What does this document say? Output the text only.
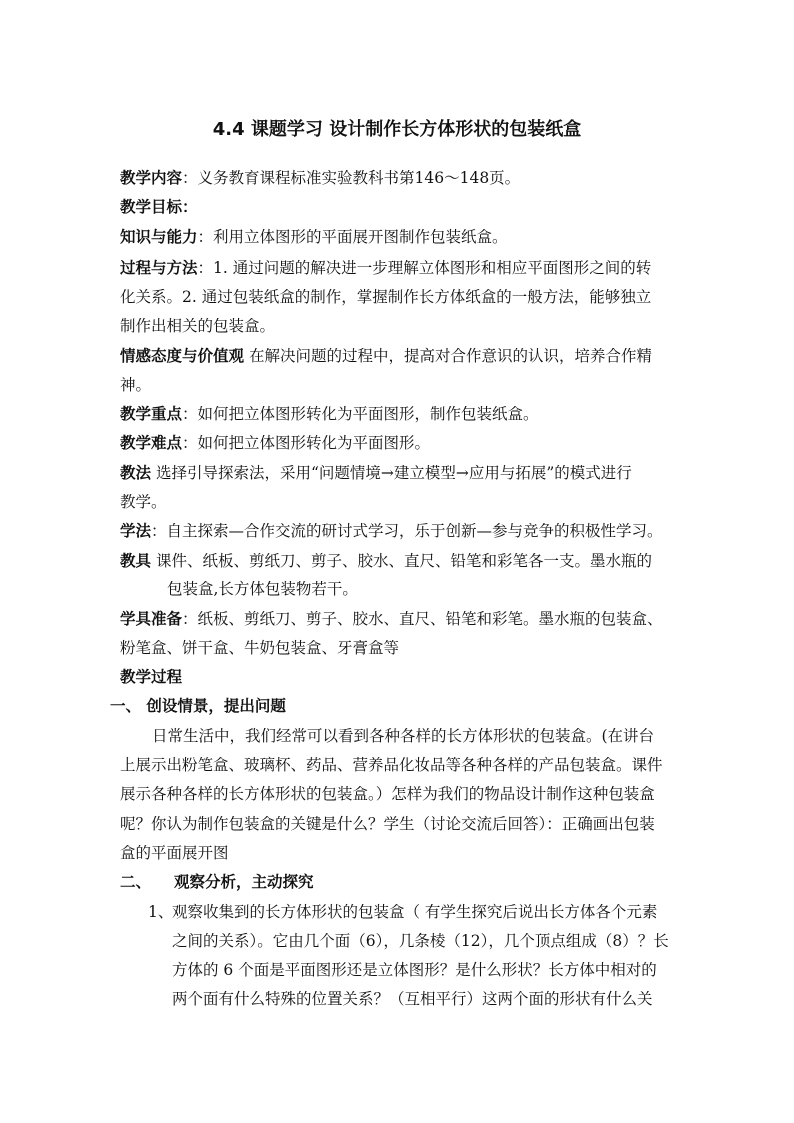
4.4 课题学习 设计制作长方体形状的包装纸盒
教学内容：义务教育课程标准实验教科书第146～148页。
教学目标：
知识与能力：利用立体图形的平面展开图制作包装纸盒。
过程与方法：1. 通过问题的解决进一步理解立体图形和相应平面图形之间的转
化关系。2. 通过包装纸盒的制作，掌握制作长方体纸盒的一般方法，能够独立
制作出相关的包装盒。
情感态度与价值观 在解决问题的过程中，提高对合作意识的认识，培养合作精
神。
教学重点：如何把立体图形转化为平面图形，制作包装纸盒。
教学难点：如何把立体图形转化为平面图形。
教法 选择引导探索法，采用“问题情境→建立模型→应用与拓展”的模式进行
教学。
学法：自主探索—合作交流的研讨式学习，乐于创新—参与竞争的积极性学习。
教具 课件、纸板、剪纸刀、剪子、胶水、直尺、铅笔和彩笔各一支。墨水瓶的
包装盒,长方体包装物若干。
学具准备：纸板、剪纸刀、剪子、胶水、直尺、铅笔和彩笔。墨水瓶的包装盒、
粉笔盒、饼干盒、牛奶包装盒、牙膏盒等
教学过程
一、 创设情景，提出问题
日常生活中，我们经常可以看到各种各样的长方体形状的包装盒。(在讲台
上展示出粉笔盒、玻璃杯、药品、营养品化妆品等各种各样的产品包装盒。课件
展示各种各样的长方体形状的包装盒。）怎样为我们的物品设计制作这种包装盒
呢？你认为制作包装盒的关键是什么？学生（讨论交流后回答）：正确画出包装
盒的平面展开图
二、 观察分析，主动探究
1、
观察收集到的长方体形状的包装盒（ 有学生探究后说出长方体各个元素
之间的关系）。它由几个面（6），几条棱（12），几个顶点组成（8）？长
方体的 6 个面是平面图形还是立体图形？是什么形状？长方体中相对的
两个面有什么特殊的位置关系？（互相平行）这两个面的形状有什么关
